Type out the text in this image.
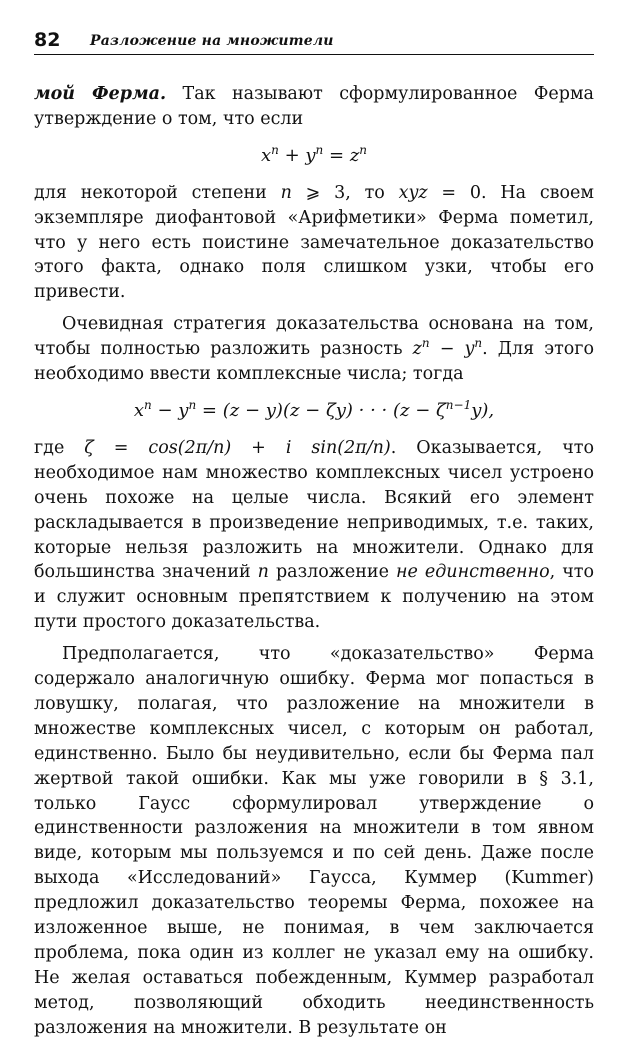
82 Разложение на множители

мой Ферма. Так называют сформулированное Ферма утверждение о том, что если

$x^n + y^n = z^n$

для некоторой степени n ⩾ 3, то xyz = 0. На своем экземпляре диофантовой «Арифметики» Ферма пометил, что у него есть поистине замечательное доказательство этого факта, однако поля слишком узки, чтобы его привести.

Очевидная стратегия доказательства основана на том, чтобы полностью разложить разность $z^n - y^n$. Для этого необходимо ввести комплексные числа; тогда

$x^n - y^n = (z - y)(z - \zeta y)$ · · · $(z - \zeta^{n-1}y)$,

где ζ = cos(2π/n) + i sin(2π/n). Оказывается, что необходимое нам множество комплексных чисел устроено очень похоже на целые числа. Всякий его элемент раскладывается в произведение неприводимых, т.е. таких, которые нельзя разложить на множители. Однако для большинства значений n разложение не единственно, что и служит основным препятствием к получению на этом пути простого доказательства.

Предполагается, что «доказательство» Ферма содержало аналогичную ошибку. Ферма мог попасться в ловушку, полагая, что разложение на множители в множестве комплексных чисел, с которым он работал, единственно. Было бы неудивительно, если бы Ферма пал жертвой такой ошибки. Как мы уже говорили в § 3.1, только Гаусс сформулировал утверждение о единственности разложения на множители в том явном виде, которым мы пользуемся и по сей день. Даже после выхода «Исследований» Гаусса, Куммер (Kummer) предложил доказательство теоремы Ферма, похожее на изложенное выше, не понимая, в чем заключается проблема, пока один из коллег не указал ему на ошибку. Не желая оставаться побежденным, Куммер разработал метод, позволяющий обходить неединственность разложения на множители. В результате он
